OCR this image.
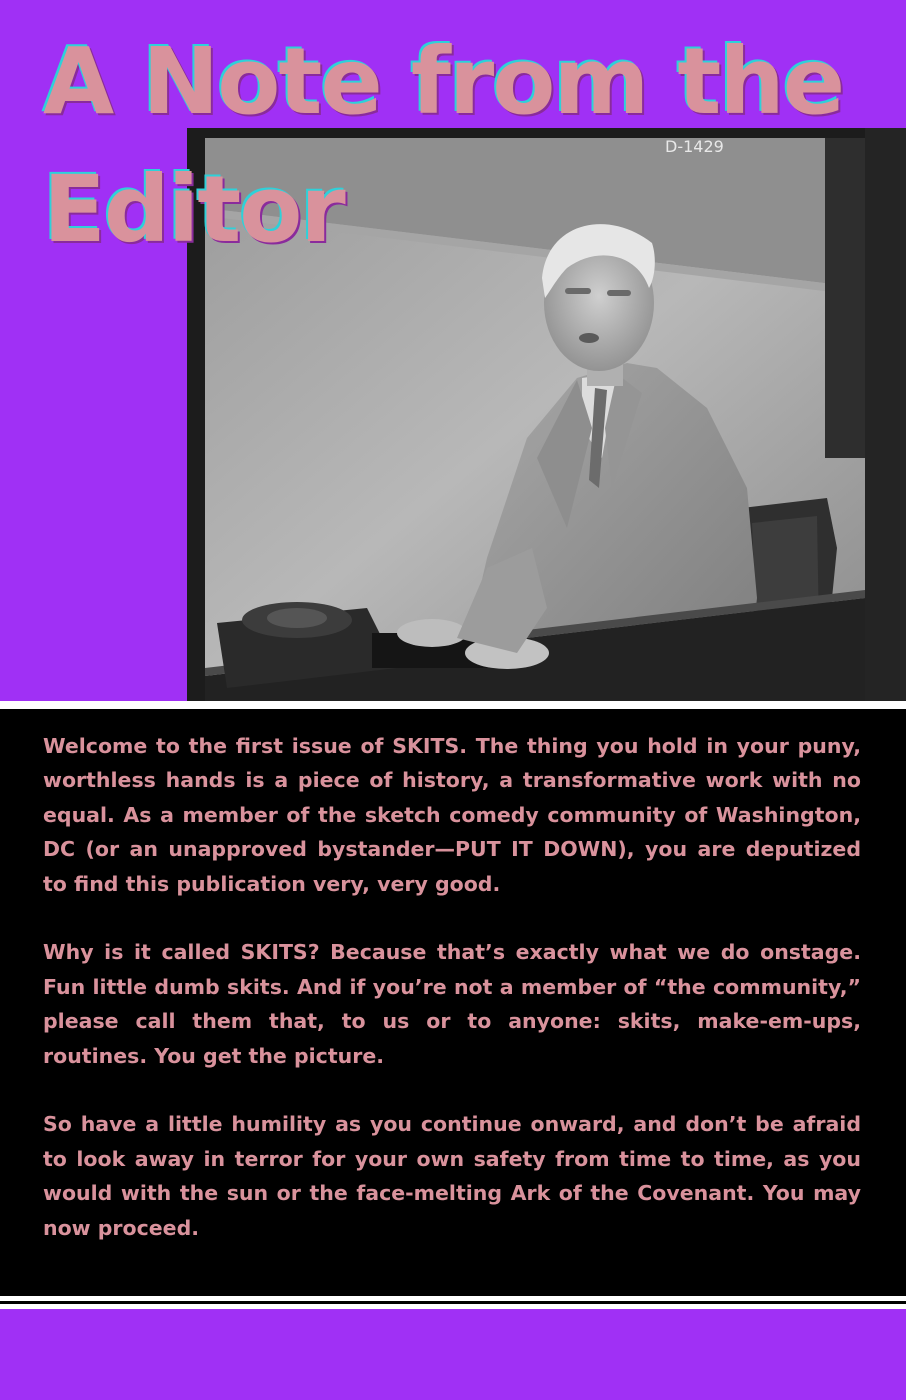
D-1429
A Note from the Editor

Welcome to the first issue of SKITS. The thing you hold in your puny, worthless hands is a piece of history, a transformative work with no equal. As a member of the sketch comedy community of Washington, DC (or an unapproved bystander—PUT IT DOWN), you are deputized to find this publication very, very good.

Why is it called SKITS? Because that’s exactly what we do onstage. Fun little dumb skits. And if you’re not a member of “the community,” please call them that, to us or to anyone: skits, make-em-ups, routines. You get the picture.

So have a little humility as you continue onward, and don’t be afraid to look away in terror for your own safety from time to time, as you would with the sun or the face-melting Ark of the Covenant. You may now proceed.
